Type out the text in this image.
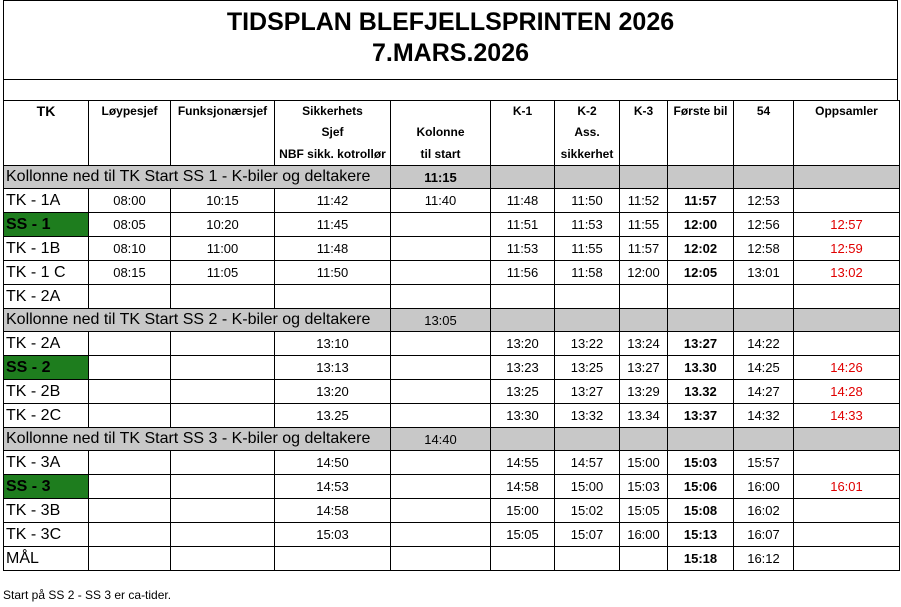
TIDSPLAN BLEFJELLSPRINTEN 2026
7.MARS.2026
TK	Løypesjef	Funksjonærsjef	Sikkerhets		K-1	K-2	K-3	Første bil	54	Oppsamler
			Sjef	Kolonne		Ass.				
			NBF sikk. kotrollør	til start		sikkerhet				
Kollonne ned til TK Start SS 1 - K-biler og deltakere				11:15						
TK - 1A	08:00	10:15	11:42	11:40	11:48	11:50	11:52	11:57	12:53	
SS - 1	08:05	10:20	11:45		11:51	11:53	11:55	12:00	12:56	12:57
TK - 1B	08:10	11:00	11:48		11:53	11:55	11:57	12:02	12:58	12:59
TK - 1 C	08:15	11:05	11:50		11:56	11:58	12:00	12:05	13:01	13:02
TK - 2A										
Kollonne ned til TK Start SS 2 - K-biler og deltakere				13:05						
TK - 2A			13:10		13:20	13:22	13:24	13:27	14:22	
SS - 2			13:13		13:23	13:25	13:27	13.30	14:25	14:26
TK - 2B			13:20		13:25	13:27	13:29	13.32	14:27	14:28
TK - 2C			13.25		13:30	13:32	13.34	13:37	14:32	14:33
Kollonne ned til TK Start SS 3 - K-biler og deltakere				14:40						
TK - 3A			14:50		14:55	14:57	15:00	15:03	15:57	
SS - 3			14:53		14:58	15:00	15:03	15:06	16:00	16:01
TK - 3B			14:58		15:00	15:02	15:05	15:08	16:02	
TK - 3C			15:03		15:05	15:07	16:00	15:13	16:07	
MÅL								15:18	16:12	
Start på SS 2 - SS 3 er ca-tider.
